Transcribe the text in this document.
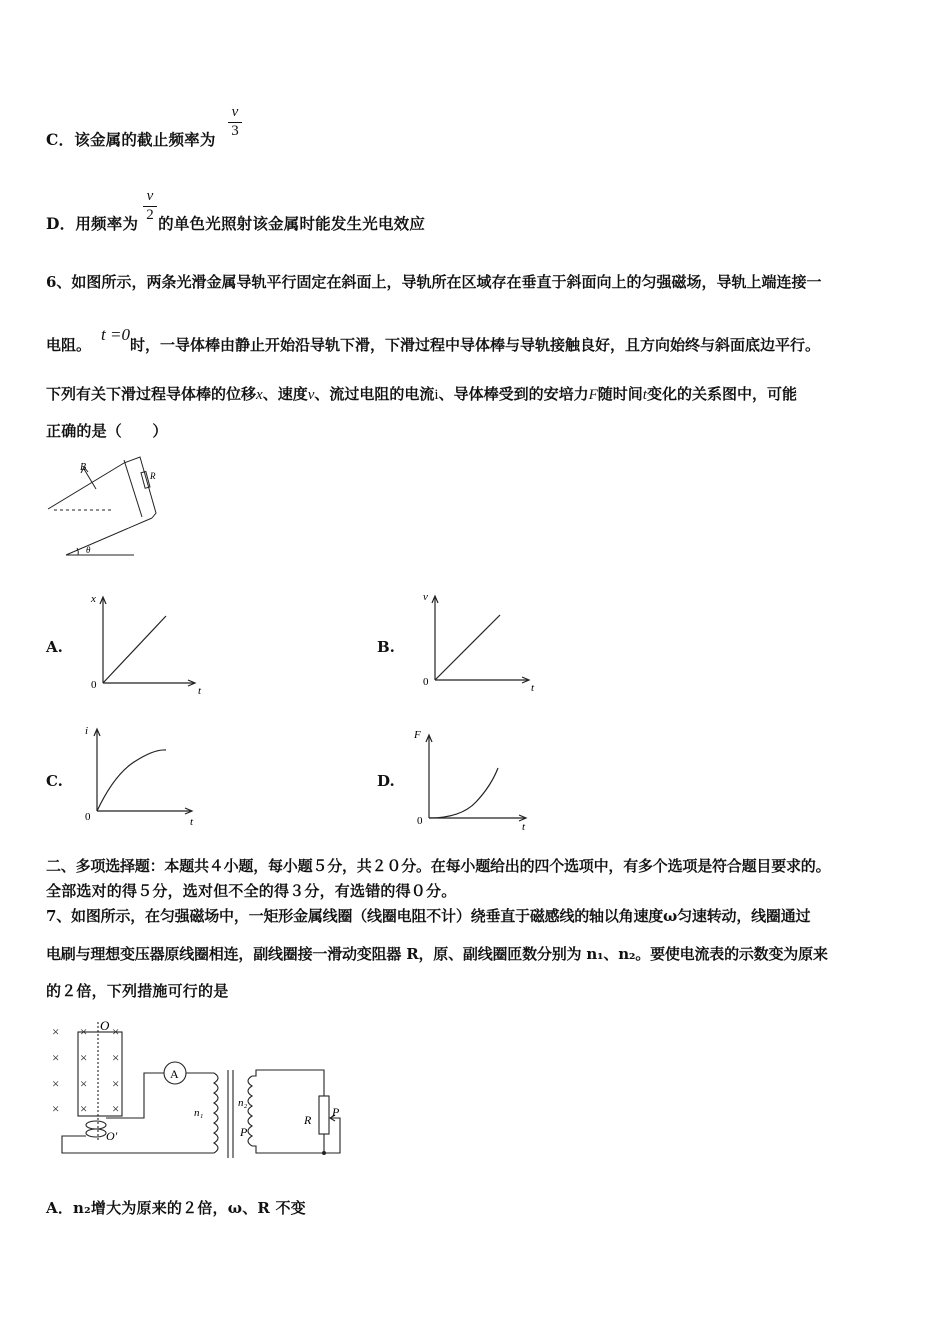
C．该金属的截止频率为
v
3
D．用频率为 的单色光照射该金属时能发生光电效应
v
2
6、如图所示，两条光滑金属导轨平行固定在斜面上，导轨所在区域存在垂直于斜面向上的匀强磁场，导轨上端连接一
电阻。t =0时，一导体棒由静止开始沿导轨下滑，下滑过程中导体棒与导轨接触良好，且方向始终与斜面底边平行。
下列有关下滑过程导体棒的位移x、速度v、流过电阻的电流i、导体棒受到的安培力F随时间t变化的关系图中，可能
正确的是（　　）
B
R
θ
A.
x
t
0
B.
v
t
0
C.
i
t
0
D.
F
t
0
二、多项选择题：本题共４小题，每小题５分，共２０分。在每小题给出的四个选项中，有多个选项是符合题目要求的。
全部选对的得５分，选对但不全的得３分，有选错的得０分。
7、如图所示，在匀强磁场中，一矩形金属线圈（线圈电阻不计）绕垂直于磁感线的轴以角速度ω匀速转动，线圈通过
电刷与理想变压器原线圈相连，副线圈接一滑动变阻器 R，原、副线圈匝数分别为 n₁、n₂。要使电流表的示数变为原来
的２倍，下列措施可行的是
×
×
×
×
×
×
×
×
×
×
×
×
O
O′
A
n₁
n₂
P
R
P
A．n₂增大为原来的２倍，ω、R 不变
